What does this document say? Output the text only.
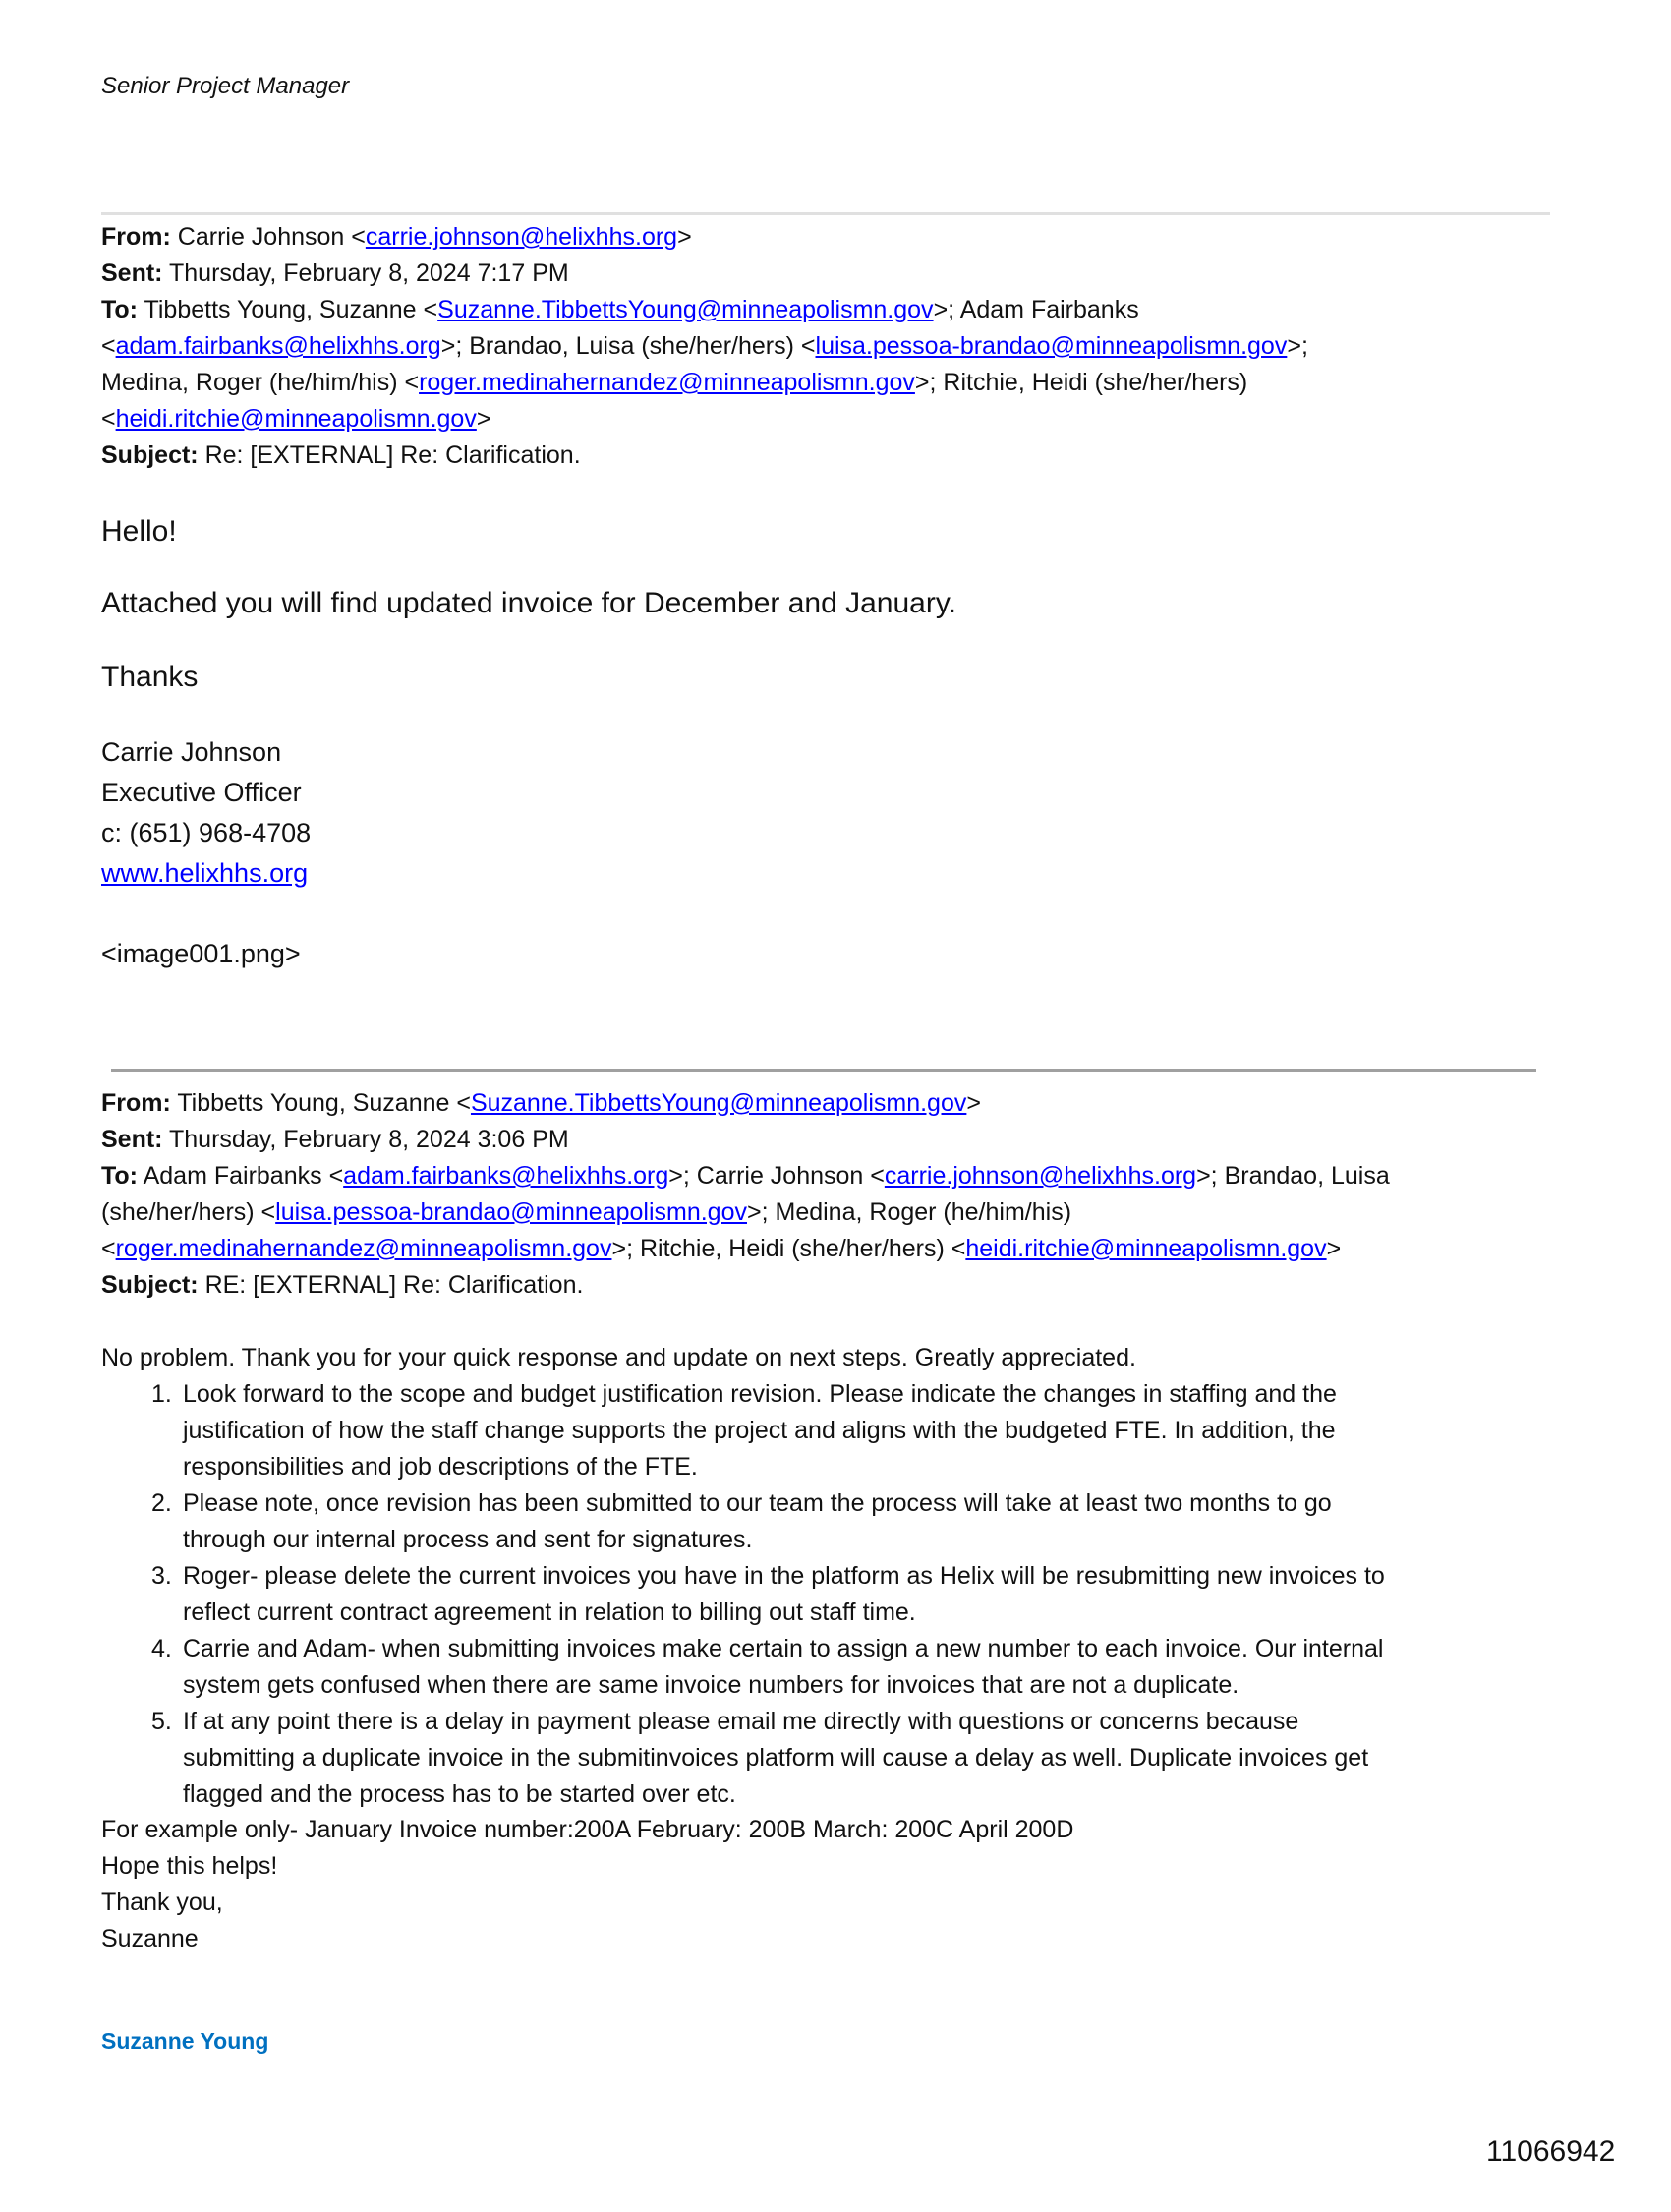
Senior Project Manager
From: Carrie Johnson <carrie.johnson@helixhhs.org>
Sent: Thursday, February 8, 2024 7:17 PM
To: Tibbetts Young, Suzanne <Suzanne.TibbettsYoung@minneapolismn.gov>; Adam Fairbanks
<adam.fairbanks@helixhhs.org>; Brandao, Luisa (she/her/hers) <luisa.pessoa-brandao@minneapolismn.gov>;
Medina, Roger (he/him/his) <roger.medinahernandez@minneapolismn.gov>; Ritchie, Heidi (she/her/hers)
<heidi.ritchie@minneapolismn.gov>
Subject: Re: [EXTERNAL] Re: Clarification.
Hello!
Attached you will find updated invoice for December and January.
Thanks
Carrie Johnson
Executive Officer
c: (651) 968-4708
www.helixhhs.org
<image001.png>
From: Tibbetts Young, Suzanne <Suzanne.TibbettsYoung@minneapolismn.gov>
Sent: Thursday, February 8, 2024 3:06 PM
To: Adam Fairbanks <adam.fairbanks@helixhhs.org>; Carrie Johnson <carrie.johnson@helixhhs.org>; Brandao, Luisa
(she/her/hers) <luisa.pessoa-brandao@minneapolismn.gov>; Medina, Roger (he/him/his)
<roger.medinahernandez@minneapolismn.gov>; Ritchie, Heidi (she/her/hers) <heidi.ritchie@minneapolismn.gov>
Subject: RE: [EXTERNAL] Re: Clarification.
No problem. Thank you for your quick response and update on next steps. Greatly appreciated.
1. Look forward to the scope and budget justification revision. Please indicate the changes in staffing and the
justification of how the staff change supports the project and aligns with the budgeted FTE. In addition, the
responsibilities and job descriptions of the FTE.
2. Please note, once revision has been submitted to our team the process will take at least two months to go
through our internal process and sent for signatures.
3. Roger- please delete the current invoices you have in the platform as Helix will be resubmitting new invoices to
reflect current contract agreement in relation to billing out staff time.
4. Carrie and Adam- when submitting invoices make certain to assign a new number to each invoice. Our internal
system gets confused when there are same invoice numbers for invoices that are not a duplicate.
5. If at any point there is a delay in payment please email me directly with questions or concerns because
submitting a duplicate invoice in the submitinvoices platform will cause a delay as well. Duplicate invoices get
flagged and the process has to be started over etc.
For example only- January Invoice number:200A February: 200B March: 200C April 200D
Hope this helps!
Thank you,
Suzanne
Suzanne Young
11066942
